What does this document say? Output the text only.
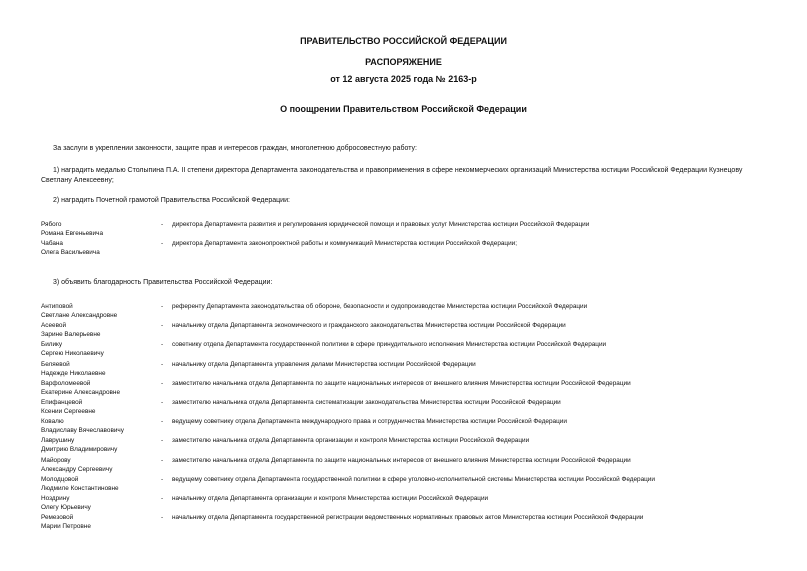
ПРАВИТЕЛЬСТВО РОССИЙСКОЙ ФЕДЕРАЦИИ
РАСПОРЯЖЕНИЕ
от 12 августа 2025 года № 2163-р
О поощрении Правительством Российской Федерации
За заслуги в укреплении законности, защите прав и интересов граждан, многолетнюю добросовестную работу:
1) наградить медалью Столыпина П.А. II степени директора Департамента законодательства и правоприменения в сфере некоммерческих организаций Министерства юстиции Российской Федерации Кузнецову
Светлану Алексеевну;
2) наградить Почетной грамотой Правительства Российской Федерации:
Рябого
Романа Евгеньевича
- директора Департамента развития и регулирования юридической помощи и правовых услуг Министерства юстиции Российской Федерации
Чабана
Олега Васильевича
- директора Департамента законопроектной работы и коммуникаций Министерства юстиции Российской Федерации;
3) объявить благодарность Правительства Российской Федерации:
Антиповой
Светлане Александровне
- референту Департамента законодательства об обороне, безопасности и судопроизводстве Министерства юстиции Российской Федерации
Асеевой
Зарине Валерьевне
- начальнику отдела Департамента экономического и гражданского законодательства Министерства юстиции Российской Федерации
Билику
Сергею Николаевичу
- советнику отдела Департамента государственной политики в сфере принудительного исполнения Министерства юстиции Российской Федерации
Беляевой
Надежде Николаевне
- начальнику отдела Департамента управления делами Министерства юстиции Российской Федерации
Варфоломеевой
Екатерине Александровне
- заместителю начальника отдела Департамента по защите национальных интересов от внешнего влияния Министерства юстиции Российской Федерации
Епифанцевой
Ксении Сергеевне
- заместителю начальника отдела Департамента систематизации законодательства Министерства юстиции Российской Федерации
Ковалю
Владиславу Вячеславовичу
- ведущему советнику отдела Департамента международного права и сотрудничества Министерства юстиции Российской Федерации
Лаврушину
Дмитрию Владимировичу
- заместителю начальника отдела Департамента организации и контроля Министерства юстиции Российской Федерации
Майорову
Александру Сергеевичу
- заместителю начальника отдела Департамента по защите национальных интересов от внешнего влияния Министерства юстиции Российской Федерации
Молодцовой
Людмиле Константиновне
- ведущему советнику отдела Департамента государственной политики в сфере уголовно-исполнительной системы Министерства юстиции Российской Федерации
Ноздрину
Олегу Юрьевичу
- начальнику отдела Департамента организации и контроля Министерства юстиции Российской Федерации
Ремезовой
Марии Петровне
- начальнику отдела Департамента государственной регистрации ведомственных нормативных правовых актов Министерства юстиции Российской Федерации
